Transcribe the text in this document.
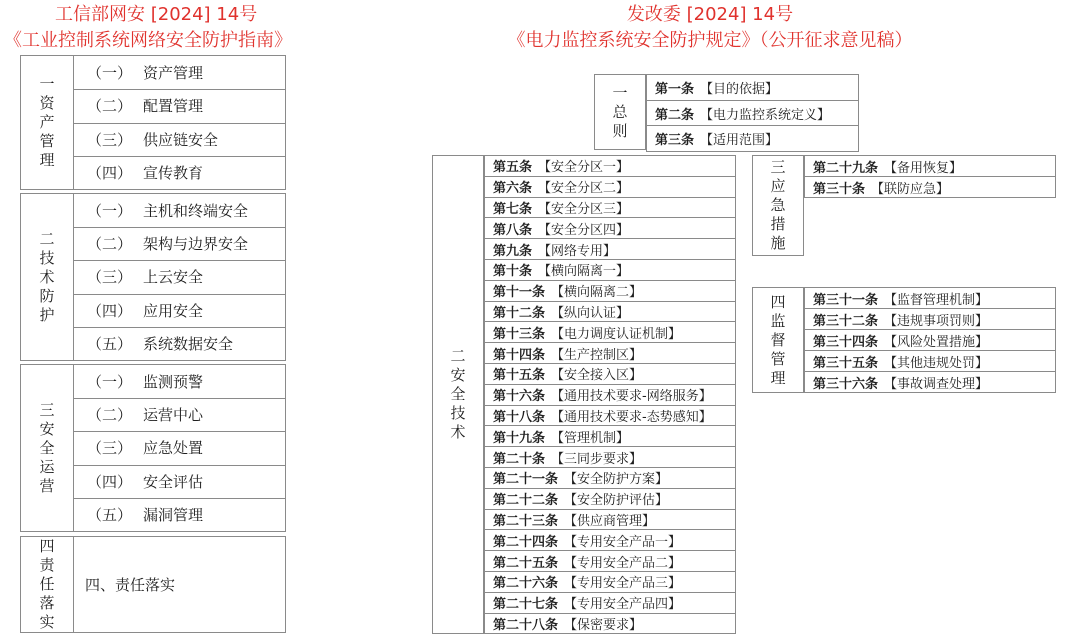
工信部网安 [2024] 14号
《工业控制系统网络安全防护指南》
发改委 [2024] 14号
《电力监控系统安全防护规定》（公开征求意见稿）
一
资
产
管
理
（一） 资产管理
（二） 配置管理
（三） 供应链安全
（四） 宣传教育
二
技
术
防
护
（一） 主机和终端安全
（二） 架构与边界安全
（三） 上云安全
（四） 应用安全
（五） 系统数据安全
三
安
全
运
营
（一） 监测预警
（二） 运营中心
（三） 应急处置
（四） 安全评估
（五） 漏洞管理
四
责
任
落
实
四、责任落实
一
总
则
第一条 【目的依据】
第二条 【电力监控系统定义】
第三条 【适用范围】
二
安
全
技
术
第五条 【安全分区一】
第六条 【安全分区二】
第七条 【安全分区三】
第八条 【安全分区四】
第九条 【网络专用】
第十条 【横向隔离一】
第十一条 【横向隔离二】
第十二条 【纵向认证】
第十三条 【电力调度认证机制】
第十四条 【生产控制区】
第十五条 【安全接入区】
第十六条 【通用技术要求-网络服务】
第十八条 【通用技术要求-态势感知】
第十九条 【管理机制】
第二十条 【三同步要求】
第二十一条 【安全防护方案】
第二十二条 【安全防护评估】
第二十三条 【供应商管理】
第二十四条 【专用安全产品一】
第二十五条 【专用安全产品二】
第二十六条 【专用安全产品三】
第二十七条 【专用安全产品四】
第二十八条 【保密要求】
三
应
急
措
施
第二十九条 【备用恢复】
第三十条 【联防应急】
四
监
督
管
理
第三十一条 【监督管理机制】
第三十二条 【违规事项罚则】
第三十四条 【风险处置措施】
第三十五条 【其他违规处罚】
第三十六条 【事故调查处理】
